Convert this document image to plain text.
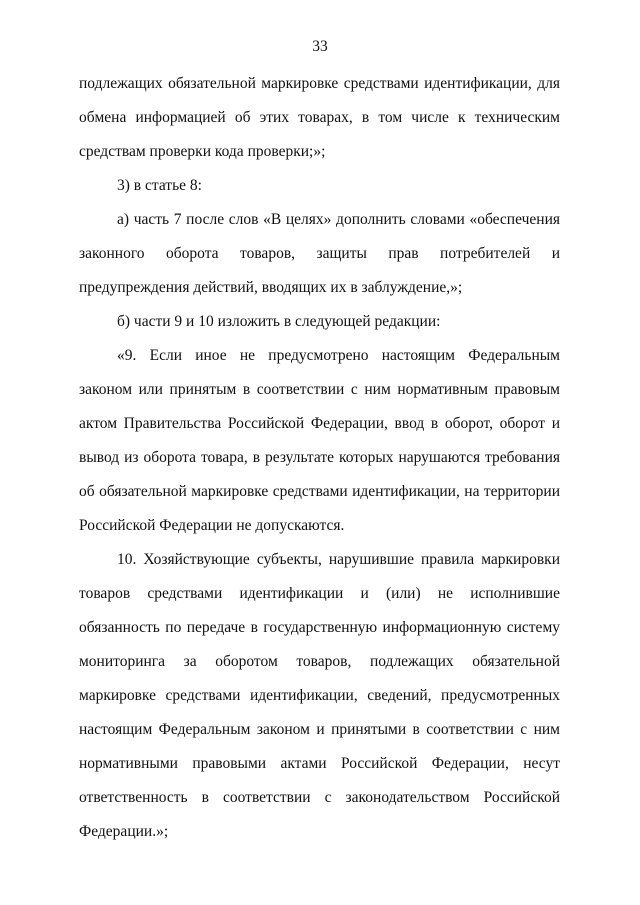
33

подлежащих обязательной маркировке средствами идентификации, для обмена информацией об этих товарах, в том числе к техническим средствам проверки кода проверки;»;

3) в статье 8:

а) часть 7 после слов «В целях» дополнить словами «обеспечения законного оборота товаров, защиты прав потребителей и предупреждения действий, вводящих их в заблуждение,»;

б) части 9 и 10 изложить в следующей редакции:

«9. Если иное не предусмотрено настоящим Федеральным законом или принятым в соответствии с ним нормативным правовым актом Правительства Российской Федерации, ввод в оборот, оборот и вывод из оборота товара, в результате которых нарушаются требования об обязательной маркировке средствами идентификации, на территории Российской Федерации не допускаются.

10. Хозяйствующие субъекты, нарушившие правила маркировки товаров средствами идентификации и (или) не исполнившие обязанность по передаче в государственную информационную систему мониторинга за оборотом товаров, подлежащих обязательной маркировке средствами идентификации, сведений, предусмотренных настоящим Федеральным законом и принятыми в соответствии с ним нормативными правовыми актами Российской Федерации, несут ответственность в соответствии с законодательством Российской Федерации.»;
